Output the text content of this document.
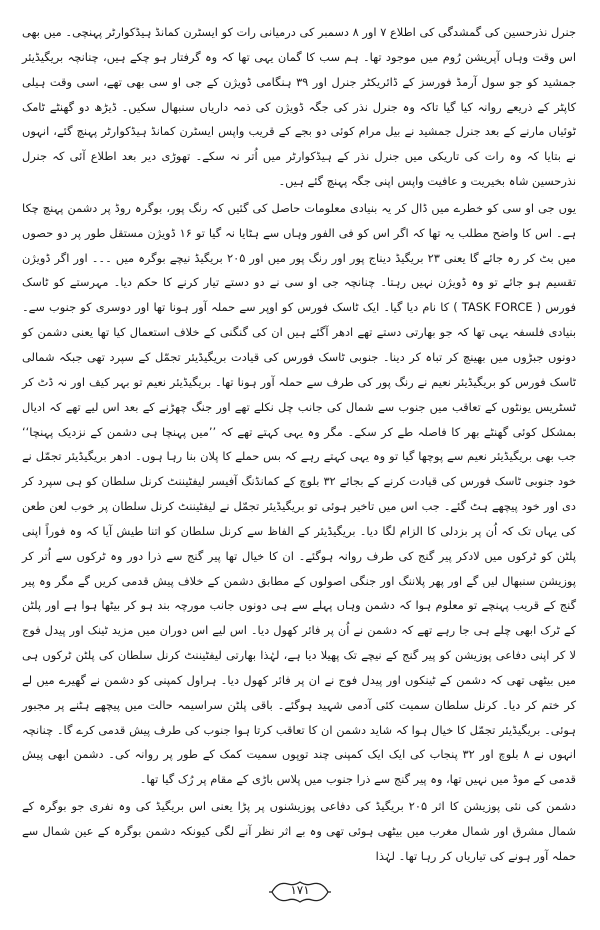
جنرل نذرحسین کی گمشدگی کی اطلاع ۷ اور ۸ دسمبر کی درمیانی رات کو ایسٹرن کمانڈ ہیڈکوارٹر پہنچی۔ میں بھی اس وقت وہاں آپریشن رُوم میں موجود تھا۔ ہم سب کا گمان یہی تھا کہ وہ گرفتار ہو چکے ہیں، چنانچہ بریگیڈیئر جمشید کو جو سول آرمڈ فورسز کے ڈائریکٹر جنرل اور ۳۹ ہنگامی ڈویژن کے جی او سی بھی تھے، اسی وقت ہیلی کاپٹر کے ذریعے روانہ کیا گیا تاکہ وہ جنرل نذر کی جگہ ڈویژن کی ذمہ داریاں سنبھال سکیں۔ ڈیڑھ دو گھنٹے ٹامک ٹوئیاں مارنے کے بعد جنرل جمشید نے بیل مرام کوئی دو بجے کے قریب واپس ایسٹرن کمانڈ ہیڈکوارٹر پہنچ گئے، انہوں نے بتایا کہ وہ رات کی تاریکی میں جنرل نذر کے ہیڈکوارٹر میں اُتر نہ سکے۔ تھوڑی دیر بعد اطلاع آئی کہ جنرل نذرحسین شاہ بخیریت و عافیت واپس اپنی جگہ پہنچ گئے ہیں۔

یوں جی او سی کو خطرے میں ڈال کر یہ بنیادی معلومات حاصل کی گئیں کہ رنگ پور، بوگرہ روڈ پر دشمن پہنچ چکا ہے۔ اس کا واضح مطلب یہ تھا کہ اگر اس کو فی الفور وہاں سے ہٹایا نہ گیا تو ۱۶ ڈویژن مستقل طور پر دو حصوں میں بٹ کر رہ جائے گا یعنی ۲۳ بریگیڈ دیناج پور اور رنگ پور میں اور ۲۰۵ بریگیڈ نیچے بوگرہ میں ۔۔۔ اور اگر ڈویژن تقسیم ہو جائے تو وہ ڈویژن نہیں رہتا۔ چنانچہ جی او سی نے دو دستے تیار کرنے کا حکم دیا۔ مہرستے کو ٹاسک فورس ( TASK FORCE ) کا نام دیا گیا۔ ایک ٹاسک فورس کو اوپر سے حملہ آور ہونا تھا اور دوسری کو جنوب سے۔ بنیادی فلسفہ یہی تھا کہ جو بھارتی دستے تھے ادھر آگئے ہیں ان کی گنگنی کے خلاف استعمال کیا تھا یعنی دشمن کو دونوں جبڑوں میں بھینچ کر تباہ کر دینا۔ جنوبی ٹاسک فورس کی قیادت بریگیڈیئر تجمّل کے سپرد تھی جبکہ شمالی ٹاسک فورس کو بریگیڈیئر نعیم نے رنگ پور کی طرف سے حملہ آور ہونا تھا۔ بریگیڈیئر نعیم تو بہر کیف اور نہ ڈٹ کر ٹسٹریس یونٹوں کے تعاقب میں جنوب سے شمال کی جانب چل نکلے تھے اور جنگ چھڑنے کے بعد اس لیے تھے کہ ادیال بمشکل کوئی گھنٹے بھر کا فاصلہ طے کر سکے۔ مگر وہ یہی کہتے تھے کہ ’’میں پہنچا ہی دشمن کے نزدیک پہنچا‘‘ جب بھی بریگیڈیئر نعیم سے پوچھا گیا تو وہ یہی کہتے رہے کہ بس حملے کا پلان بنا رہا ہوں۔ ادھر بریگیڈیئر تجمّل نے خود جنوبی ٹاسک فورس کی قیادت کرنے کے بجائے ۳۲ بلوچ کے کمانڈنگ آفیسر لیفٹیننٹ کرنل سلطان کو ہی سپرد کر دی اور خود پیچھے ہٹ گئے۔ جب اس میں تاخیر ہوئی تو بریگیڈیئر تجمّل نے لیفٹیننٹ کرنل سلطان پر خوب لعن طعن کی یہاں تک کہ اُن پر بزدلی کا الزام لگا دیا۔ بریگیڈیئر کے الفاظ سے کرنل سلطان کو اتنا طیش آیا کہ وہ فوراً اپنی پلٹن کو ٹرکوں میں لادکر پیر گنج کی طرف روانہ ہوگئے۔ ان کا خیال تھا پیر گنج سے ذرا دور وہ ٹرکوں سے اُتر کر پوزیشن سنبھال لیں گے اور پھر پلاننگ اور جنگی اصولوں کے مطابق دشمن کے خلاف پیش قدمی کریں گے مگر وہ پیر گنج کے قریب پہنچے تو معلوم ہوا کہ دشمن وہاں پہلے سے ہی دونوں جانب مورچہ بند ہو کر بیٹھا ہوا ہے اور پلٹن کے ٹرک ابھی چلے ہی جا رہے تھے کہ دشمن نے اُن پر فائر کھول دیا۔ اس لیے اس دوران میں مزید ٹینک اور پیدل فوج لا کر اپنی دفاعی پوزیشن کو پیر گنج کے نیچے تک پھیلا دیا ہے، لہٰذا بھارتی لیفٹیننٹ کرنل سلطان کی پلٹن ٹرکوں ہی میں بیٹھی تھی کہ دشمن کے ٹینکوں اور پیدل فوج نے ان پر فائر کھول دیا۔ ہراول کمپنی کو دشمن نے گھیرے میں لے کر ختم کر دیا۔ کرنل سلطان سمیت کئی آدمی شہید ہوگئے۔ باقی پلٹن سراسیمہ حالت میں پیچھے ہٹنے پر مجبور ہوئی۔ بریگیڈیئر تجمّل کا خیال ہوا کہ شاید دشمن ان کا تعاقب کرتا ہوا جنوب کی طرف پیش قدمی کرے گا۔ چنانچہ انہوں نے ۸ بلوچ اور ۳۲ پنجاب کی ایک ایک کمپنی چند توپوں سمیت کمک کے طور پر روانہ کی۔ دشمن ابھی پیش قدمی کے موڈ میں نہیں تھا، وہ پیر گنج سے ذرا جنوب میں پلاس باڑی کے مقام پر رُک گیا تھا۔

دشمن کی نئی پوزیشن کا اثر ۲۰۵ بریگیڈ کی دفاعی پوزیشنوں پر پڑا یعنی اس بریگیڈ کی وہ نفری جو بوگرہ کے شمال مشرق اور شمال مغرب میں بیٹھی ہوئی تھی وہ بے اثر نظر آنے لگی کیونکہ دشمن بوگرہ کے عین شمال سے حملہ آور ہونے کی تیاریاں کر رہا تھا۔ لہٰذا

۱۷۱
